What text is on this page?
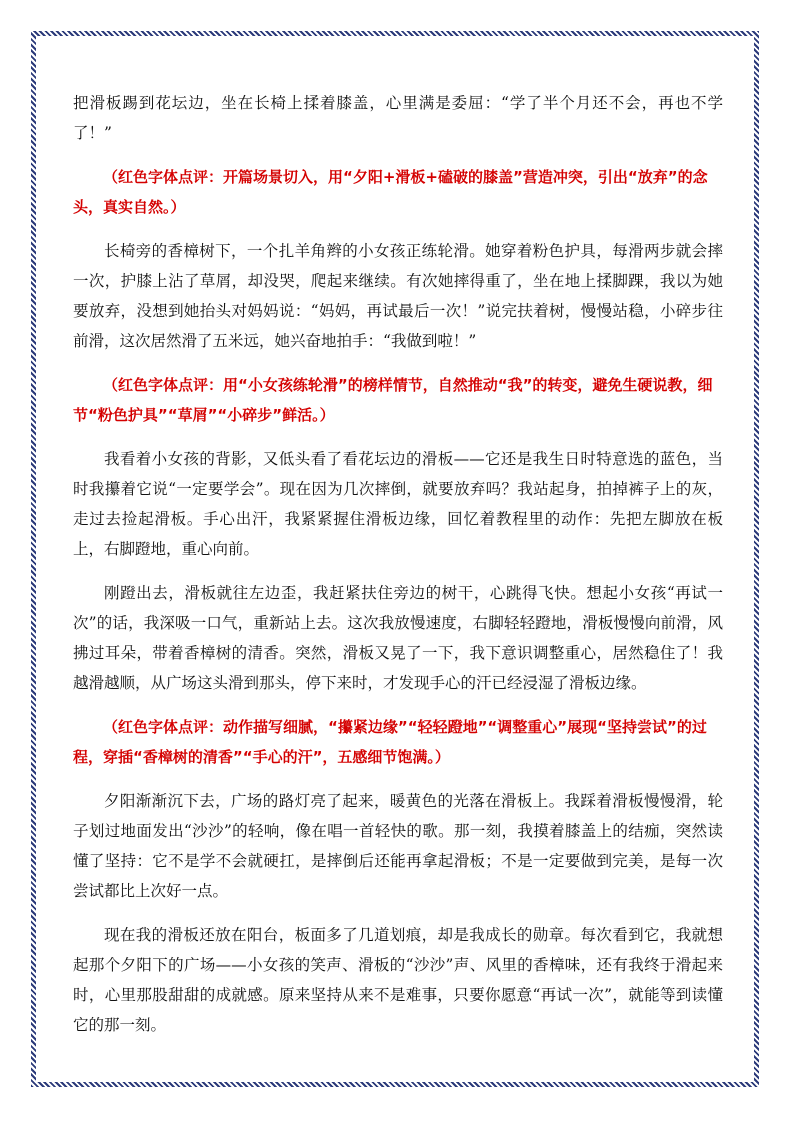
把滑板踢到花坛边，坐在长椅上揉着膝盖，心里满是委屈：“学了半个月还不会，再也不学了！”

（红色字体点评：开篇场景切入，用“夕阳+滑板+磕破的膝盖”营造冲突，引出“放弃”的念头，真实自然。）

长椅旁的香樟树下，一个扎羊角辫的小女孩正练轮滑。她穿着粉色护具，每滑两步就会摔一次，护膝上沾了草屑，却没哭，爬起来继续。有次她摔得重了，坐在地上揉脚踝，我以为她要放弃，没想到她抬头对妈妈说：“妈妈，再试最后一次！”说完扶着树，慢慢站稳，小碎步往前滑，这次居然滑了五米远，她兴奋地拍手：“我做到啦！”

（红色字体点评：用“小女孩练轮滑”的榜样情节，自然推动“我”的转变，避免生硬说教，细节“粉色护具”“草屑”“小碎步”鲜活。）

我看着小女孩的背影，又低头看了看花坛边的滑板——它还是我生日时特意选的蓝色，当时我攥着它说“一定要学会”。现在因为几次摔倒，就要放弃吗？我站起身，拍掉裤子上的灰，走过去捡起滑板。手心出汗，我紧紧握住滑板边缘，回忆着教程里的动作：先把左脚放在板上，右脚蹬地，重心向前。

刚蹬出去，滑板就往左边歪，我赶紧扶住旁边的树干，心跳得飞快。想起小女孩“再试一次”的话，我深吸一口气，重新站上去。这次我放慢速度，右脚轻轻蹬地，滑板慢慢向前滑，风拂过耳朵，带着香樟树的清香。突然，滑板又晃了一下，我下意识调整重心，居然稳住了！我越滑越顺，从广场这头滑到那头，停下来时，才发现手心的汗已经浸湿了滑板边缘。

（红色字体点评：动作描写细腻，“攥紧边缘”“轻轻蹬地”“调整重心”展现“坚持尝试”的过程，穿插“香樟树的清香”“手心的汗”，五感细节饱满。）

夕阳渐渐沉下去，广场的路灯亮了起来，暖黄色的光落在滑板上。我踩着滑板慢慢滑，轮子划过地面发出“沙沙”的轻响，像在唱一首轻快的歌。那一刻，我摸着膝盖上的结痂，突然读懂了坚持：它不是学不会就硬扛，是摔倒后还能再拿起滑板；不是一定要做到完美，是每一次尝试都比上次好一点。

现在我的滑板还放在阳台，板面多了几道划痕，却是我成长的勋章。每次看到它，我就想起那个夕阳下的广场——小女孩的笑声、滑板的“沙沙”声、风里的香樟味，还有我终于滑起来时，心里那股甜甜的成就感。原来坚持从来不是难事，只要你愿意“再试一次”，就能等到读懂它的那一刻。
